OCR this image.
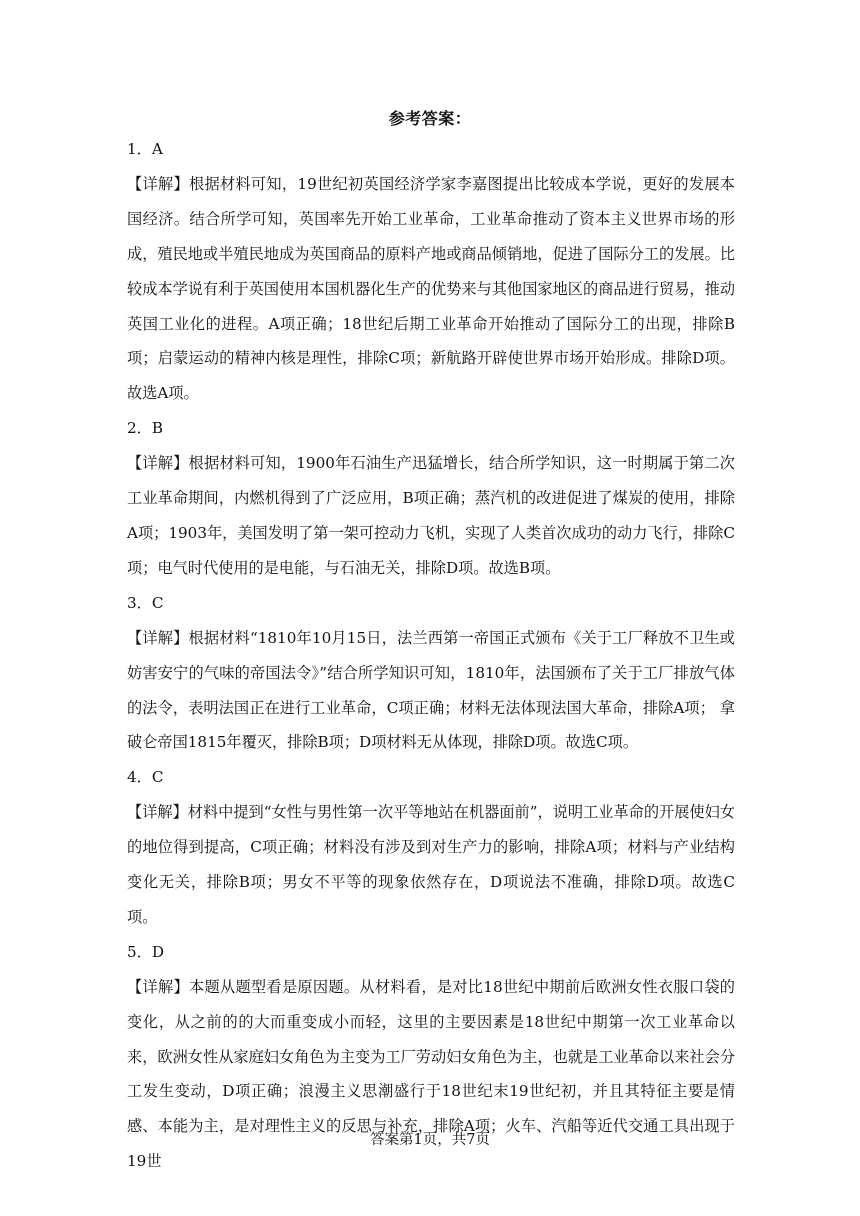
参考答案：

1．A

【详解】根据材料可知，19世纪初英国经济学家李嘉图提出比较成本学说，更好的发展本国经济。结合所学可知，英国率先开始工业革命，工业革命推动了资本主义世界市场的形成，殖民地或半殖民地成为英国商品的原料产地或商品倾销地，促进了国际分工的发展。比较成本学说有利于英国使用本国机器化生产的优势来与其他国家地区的商品进行贸易，推动英国工业化的进程。A项正确；18世纪后期工业革命开始推动了国际分工的出现，排除B项；启蒙运动的精神内核是理性，排除C项；新航路开辟使世界市场开始形成。排除D项。故选A项。

2．B

【详解】根据材料可知，1900年石油生产迅猛增长，结合所学知识，这一时期属于第二次工业革命期间，内燃机得到了广泛应用，B项正确；蒸汽机的改进促进了煤炭的使用，排除A项；1903年，美国发明了第一架可控动力飞机，实现了人类首次成功的动力飞行，排除C项；电气时代使用的是电能，与石油无关，排除D项。故选B项。

3．C

【详解】根据材料“1810年10月15日，法兰西第一帝国正式颁布《关于工厂释放不卫生或妨害安宁的气味的帝国法令》”结合所学知识可知，1810年，法国颁布了关于工厂排放气体的法令，表明法国正在进行工业革命，C项正确；材料无法体现法国大革命，排除A项； 拿破仑帝国1815年覆灭，排除B项；D项材料无从体现，排除D项。故选C项。

4．C

【详解】材料中提到“女性与男性第一次平等地站在机器面前”，说明工业革命的开展使妇女的地位得到提高，C项正确；材料没有涉及到对生产力的影响，排除A项；材料与产业结构变化无关，排除B项；男女不平等的现象依然存在，D项说法不准确，排除D项。故选C项。

5．D

【详解】本题从题型看是原因题。从材料看，是对比18世纪中期前后欧洲女性衣服口袋的变化，从之前的的大而重变成小而轻，这里的主要因素是18世纪中期第一次工业革命以来，欧洲女性从家庭妇女角色为主变为工厂劳动妇女角色为主，也就是工业革命以来社会分工发生变动，D项正确；浪漫主义思潮盛行于18世纪末19世纪初，并且其特征主要是情感、本能为主，是对理性主义的反思与补充，排除A项；火车、汽船等近代交通工具出现于19世

答案第1页，共7页
